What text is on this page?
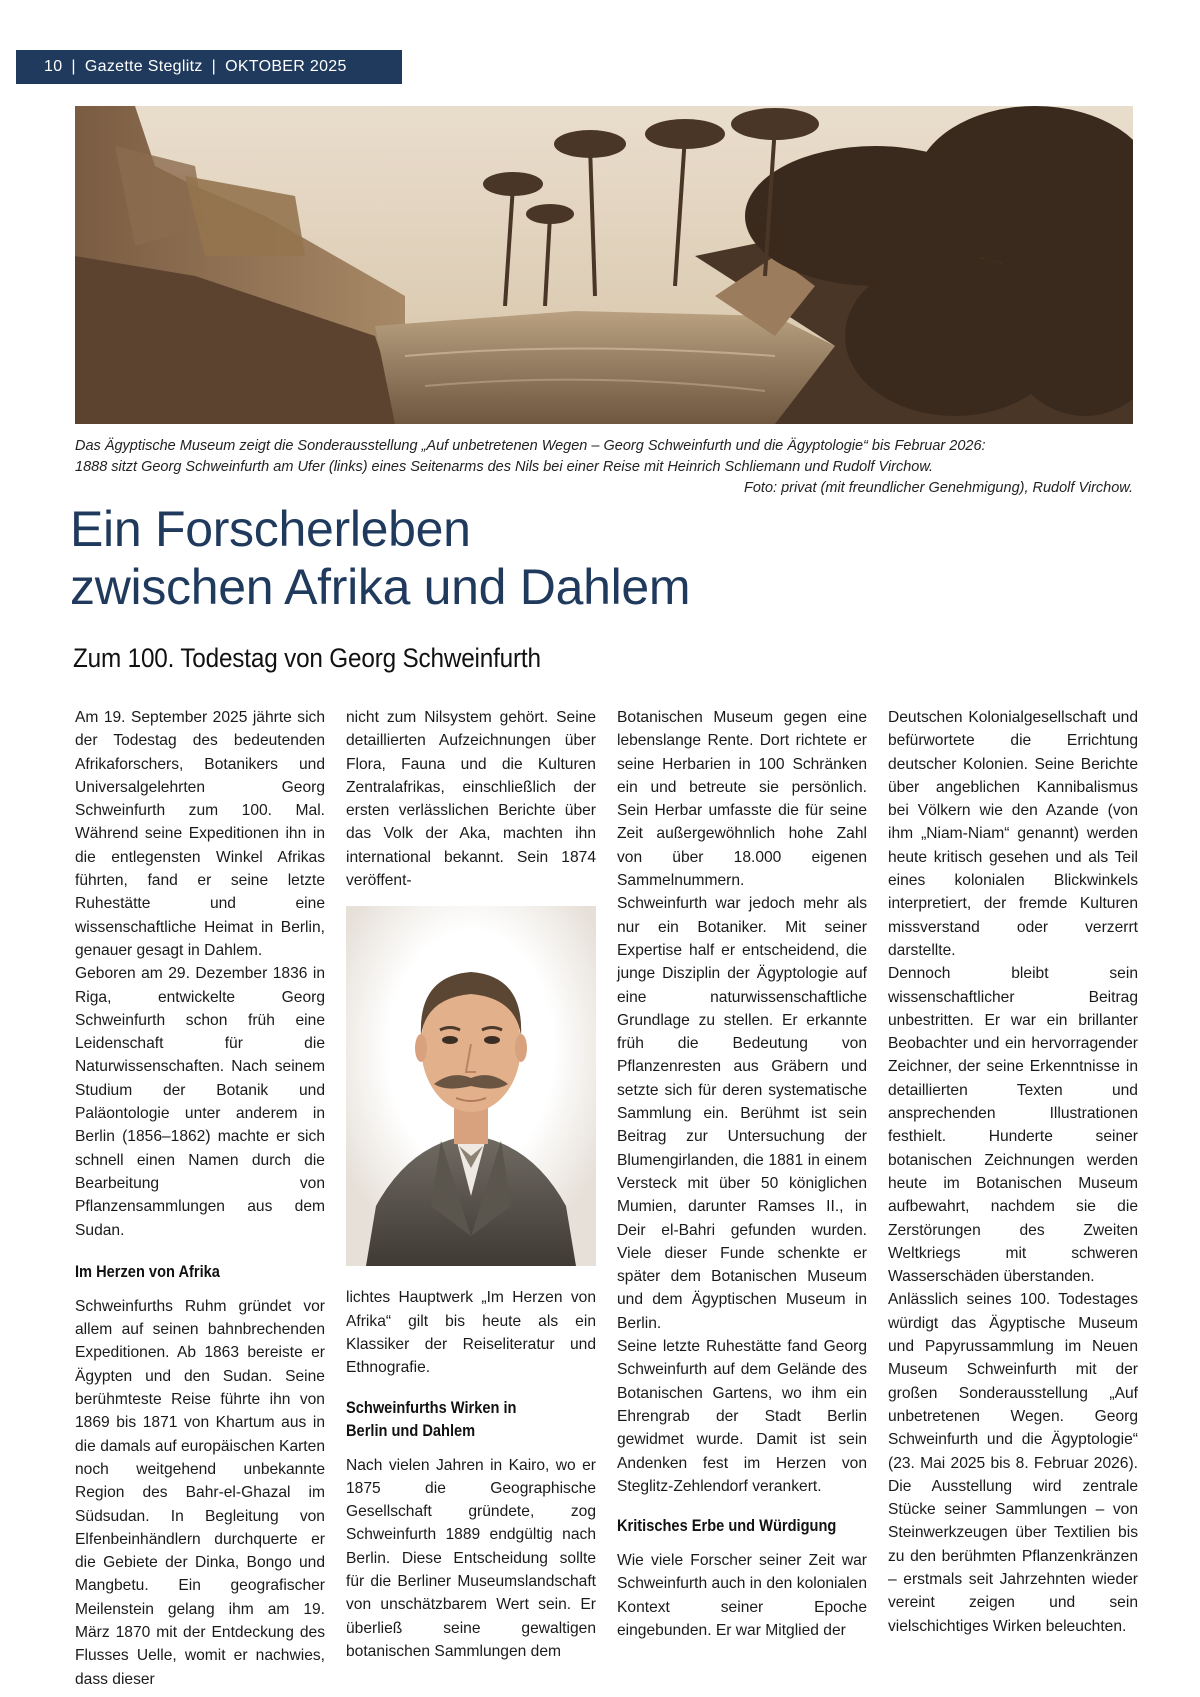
10 | Gazette Steglitz | OKTOBER 2025
Das Ägyptische Museum zeigt die Sonderausstellung „Auf unbetretenen Wegen – Georg Schweinfurth und die Ägyptologie“ bis Februar 2026:
1888 sitzt Georg Schweinfurth am Ufer (links) eines Seitenarms des Nils bei einer Reise mit Heinrich Schliemann und Rudolf Virchow.
Foto: privat (mit freundlicher Genehmigung), Rudolf Virchow.
Ein Forscherleben
zwischen Afrika und Dahlem
Zum 100. Todestag von Georg Schweinfurth

Am 19. September 2025 jährte sich der Todestag des bedeutenden Afrikaforschers, Botanikers und Universalgelehrten Georg Schweinfurth zum 100. Mal. Während seine Expeditionen ihn in die entlegensten Winkel Afrikas führten, fand er seine letzte Ruhestätte und eine wissenschaftliche Heimat in Berlin, genauer gesagt in Dahlem.

Geboren am 29. Dezember 1836 in Riga, entwickelte Georg Schweinfurth schon früh eine Leidenschaft für die Naturwissenschaften. Nach seinem Studium der Botanik und Paläontologie unter anderem in Berlin (1856–1862) machte er sich schnell einen Namen durch die Bearbeitung von Pflanzensammlungen aus dem Sudan.

Im Herzen von Afrika

Schweinfurths Ruhm gründet vor allem auf seinen bahnbrechenden Expeditionen. Ab 1863 bereiste er Ägypten und den Sudan. Seine berühmteste Reise führte ihn von 1869 bis 1871 von Khartum aus in die damals auf europäischen Karten noch weitgehend unbekannte Region des Bahr-el-Ghazal im Südsudan. In Begleitung von Elfenbeinhändlern durchquerte er die Gebiete der Dinka, Bongo und Mangbetu. Ein geografischer Meilenstein gelang ihm am 19. März 1870 mit der Entdeckung des Flusses Uelle, womit er nachwies, dass dieser

nicht zum Nilsystem gehört. Seine detaillierten Aufzeichnungen über Flora, Fauna und die Kulturen Zentralafrikas, einschließlich der ersten verlässlichen Berichte über das Volk der Aka, machten ihn international bekannt. Sein 1874 veröffent-

lichtes Hauptwerk „Im Herzen von Afrika“ gilt bis heute als ein Klassiker der Reiseliteratur und Ethnografie.

Schweinfurths Wirken in
Berlin und Dahlem

Nach vielen Jahren in Kairo, wo er 1875 die Geographische Gesellschaft gründete, zog Schweinfurth 1889 endgültig nach Berlin. Diese Entscheidung sollte für die Berliner Museumslandschaft von unschätzbarem Wert sein. Er überließ seine gewaltigen botanischen Sammlungen dem

Botanischen Museum gegen eine lebenslange Rente. Dort richtete er seine Herbarien in 100 Schränken ein und betreute sie persönlich. Sein Herbar umfasste die für seine Zeit außergewöhnlich hohe Zahl von über 18.000 eigenen Sammelnummern.

Schweinfurth war jedoch mehr als nur ein Botaniker. Mit seiner Expertise half er entscheidend, die junge Disziplin der Ägyptologie auf eine naturwissenschaftliche Grundlage zu stellen. Er erkannte früh die Bedeutung von Pflanzenresten aus Gräbern und setzte sich für deren systematische Sammlung ein. Berühmt ist sein Beitrag zur Untersuchung der Blumengirlanden, die 1881 in einem Versteck mit über 50 königlichen Mumien, darunter Ramses II., in Deir el-Bahri gefunden wurden. Viele dieser Funde schenkte er später dem Botanischen Museum und dem Ägyptischen Museum in Berlin.

Seine letzte Ruhestätte fand Georg Schweinfurth auf dem Gelände des Botanischen Gartens, wo ihm ein Ehrengrab der Stadt Berlin gewidmet wurde. Damit ist sein Andenken fest im Herzen von Steglitz-Zehlendorf verankert.

Kritisches Erbe und Würdigung

Wie viele Forscher seiner Zeit war Schweinfurth auch in den kolonialen Kontext seiner Epoche eingebunden. Er war Mitglied der

Deutschen Kolonialgesellschaft und befürwortete die Errichtung deutscher Kolonien. Seine Berichte über angeblichen Kannibalismus bei Völkern wie den Azande (von ihm „Niam-Niam“ genannt) werden heute kritisch gesehen und als Teil eines kolonialen Blickwinkels interpretiert, der fremde Kulturen missverstand oder verzerrt darstellte.

Dennoch bleibt sein wissenschaftlicher Beitrag unbestritten. Er war ein brillanter Beobachter und ein hervorragender Zeichner, der seine Erkenntnisse in detaillierten Texten und ansprechenden Illustrationen festhielt. Hunderte seiner botanischen Zeichnungen werden heute im Botanischen Museum aufbewahrt, nachdem sie die Zerstörungen des Zweiten Weltkriegs mit schweren Wasserschäden überstanden.

Anlässlich seines 100. Todestages würdigt das Ägyptische Museum und Papyrussammlung im Neuen Museum Schweinfurth mit der großen Sonderausstellung „Auf unbetretenen Wegen. Georg Schweinfurth und die Ägyptologie“ (23. Mai 2025 bis 8. Februar 2026). Die Ausstellung wird zentrale Stücke seiner Sammlungen – von Steinwerkzeugen über Textilien bis zu den berühmten Pflanzenkränzen – erstmals seit Jahrzehnten wieder vereint zeigen und sein vielschichtiges Wirken beleuchten.
